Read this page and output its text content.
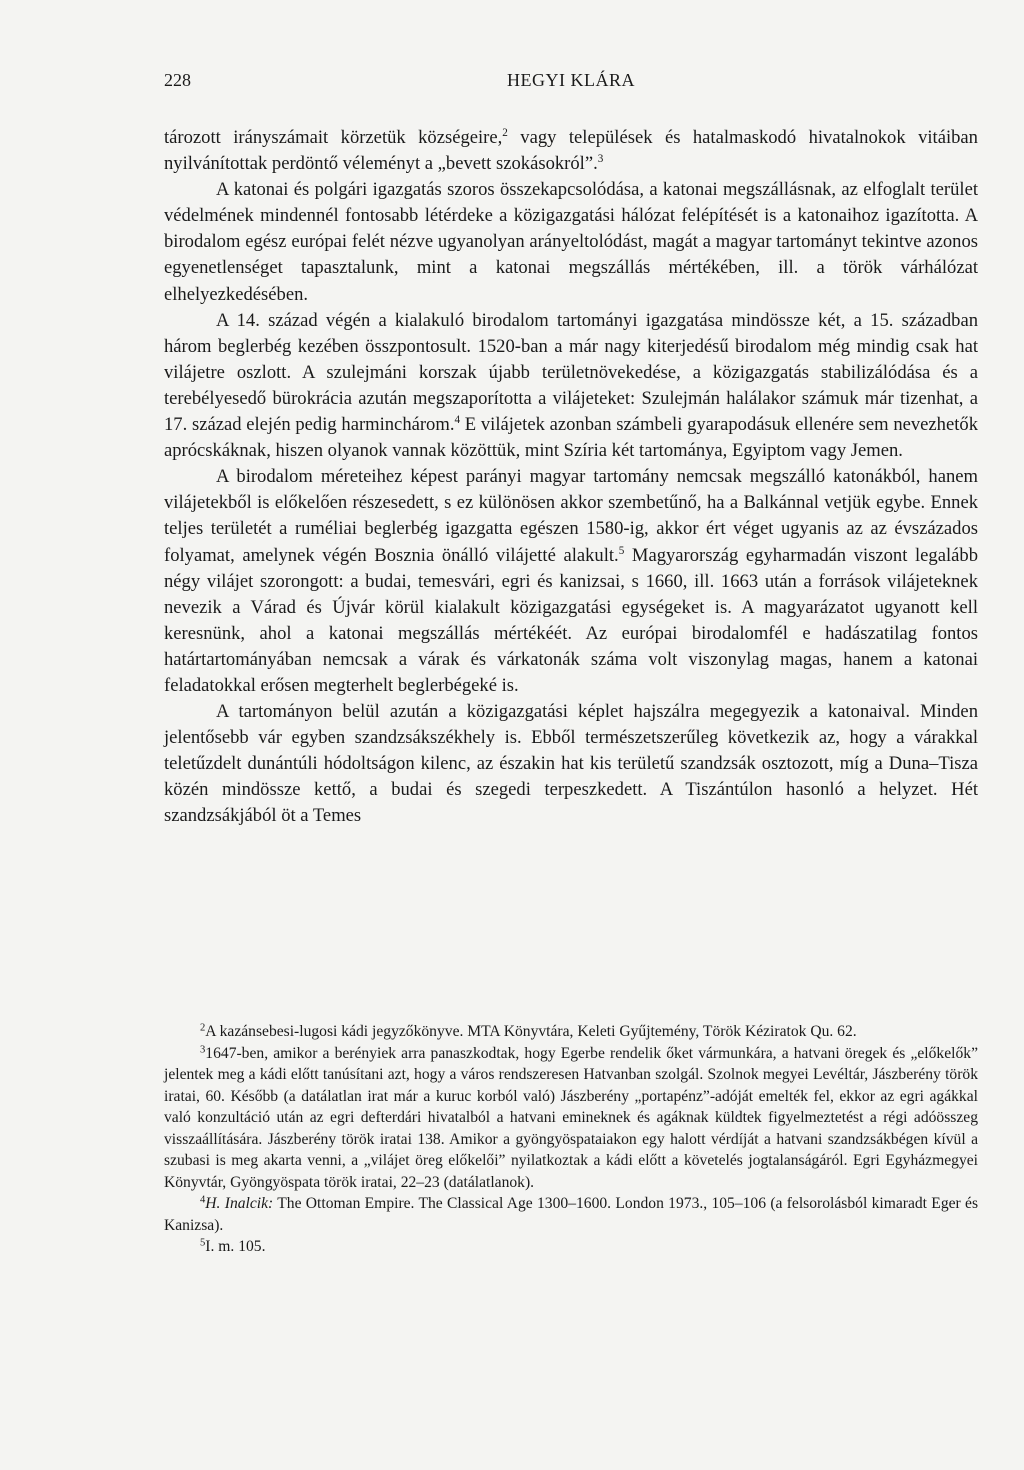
228	HEGYI KLÁRA

tározott irányszámait körzetük községeire,$^2$ vagy települések és hatalmaskodó hivatalnokok vitáiban nyilvánítottak perdöntő véleményt a „bevett szokásokról”.$^3$

A katonai és polgári igazgatás szoros összekapcsolódása, a katonai megszállásnak, az elfoglalt terület védelmének mindennél fontosabb létérdeke a közigazgatási hálózat felépítését is a katonaihoz igazította. A birodalom egész európai felét nézve ugyanolyan arányeltolódást, magát a magyar tartományt tekintve azonos egyenetlenséget tapasztalunk, mint a katonai megszállás mértékében, ill. a török várhálózat elhelyezkedésében.

A 14. század végén a kialakuló birodalom tartományi igazgatása mindössze két, a 15. században három beglerbég kezében összpontosult. 1520-ban a már nagy kiterjedésű birodalom még mindig csak hat vilájetre oszlott. A szulejmáni korszak újabb területnövekedése, a közigazgatás stabilizálódása és a terebélyesedő bürokrácia azután megszaporította a vilájeteket: Szulejmán halálakor számuk már tizenhat, a 17. század elején pedig harminchárom.$^4$ E vilájetek azonban számbeli gyarapodásuk ellenére sem nevezhetők aprócskáknak, hiszen olyanok vannak közöttük, mint Szíria két tartománya, Egyiptom vagy Jemen.

A birodalom méreteihez képest parányi magyar tartomány nemcsak megszálló katonákból, hanem vilájetekből is előkelően részesedett, s ez különösen akkor szembetűnő, ha a Balkánnal vetjük egybe. Ennek teljes területét a ruméliai beglerbég igazgatta egészen 1580-ig, akkor ért véget ugyanis az az évszázados folyamat, amelynek végén Bosznia önálló vilájetté alakult.$^5$ Magyarország egyharmadán viszont legalább négy vilájet szorongott: a budai, temesvári, egri és kanizsai, s 1660, ill. 1663 után a források vilájeteknek nevezik a Várad és Újvár körül kialakult közigazgatási egységeket is. A magyarázatot ugyanott kell keresnünk, ahol a katonai megszállás mértékéét. Az európai birodalomfél e hadászatilag fontos határtartományában nemcsak a várak és várkatonák száma volt viszonylag magas, hanem a katonai feladatokkal erősen megterhelt beglerbégeké is.

A tartományon belül azután a közigazgatási képlet hajszálra megegyezik a katonaival. Minden jelentősebb vár egyben szandzsákszékhely is. Ebből természetszerűleg következik az, hogy a várakkal teletűzdelt dunántúli hódoltságon kilenc, az északin hat kis területű szandzsák osztozott, míg a Duna–Tisza közén mindössze kettő, a budai és szegedi terpeszkedett. A Tiszántúlon hasonló a helyzet. Hét szandzsákjából öt a Temes

$^2$A kazánsebesi-lugosi kádi jegyzőkönyve. MTA Könyvtára, Keleti Gyűjtemény, Török Kéziratok Qu. 62.

$^3$1647-ben, amikor a berényiek arra panaszkodtak, hogy Egerbe rendelik őket vármunkára, a hatvani öregek és „előkelők” jelentek meg a kádi előtt tanúsítani azt, hogy a város rendszeresen Hatvanban szolgál. Szolnok megyei Levéltár, Jászberény török iratai, 60. Később (a datálatlan irat már a kuruc korból való) Jászberény „portapénz”-adóját emelték fel, ekkor az egri agákkal való konzultáció után az egri defterdári hivatalból a hatvani emineknek és agáknak küldtek figyelmeztetést a régi adóösszeg visszaállítására. Jászberény török iratai 138. Amikor a gyöngyöspataiakon egy halott vérdíját a hatvani szandzsákbégen kívül a szubasi is meg akarta venni, a „vilájet öreg előkelői” nyilatkoztak a kádi előtt a követelés jogtalanságáról. Egri Egyházmegyei Könyvtár, Gyöngyöspata török iratai, 22–23 (datálatlanok).

$^4$H. Inalcik: The Ottoman Empire. The Classical Age 1300–1600. London 1973., 105–106 (a felsorolásból kimaradt Eger és Kanizsa).

$^5$I. m. 105.
